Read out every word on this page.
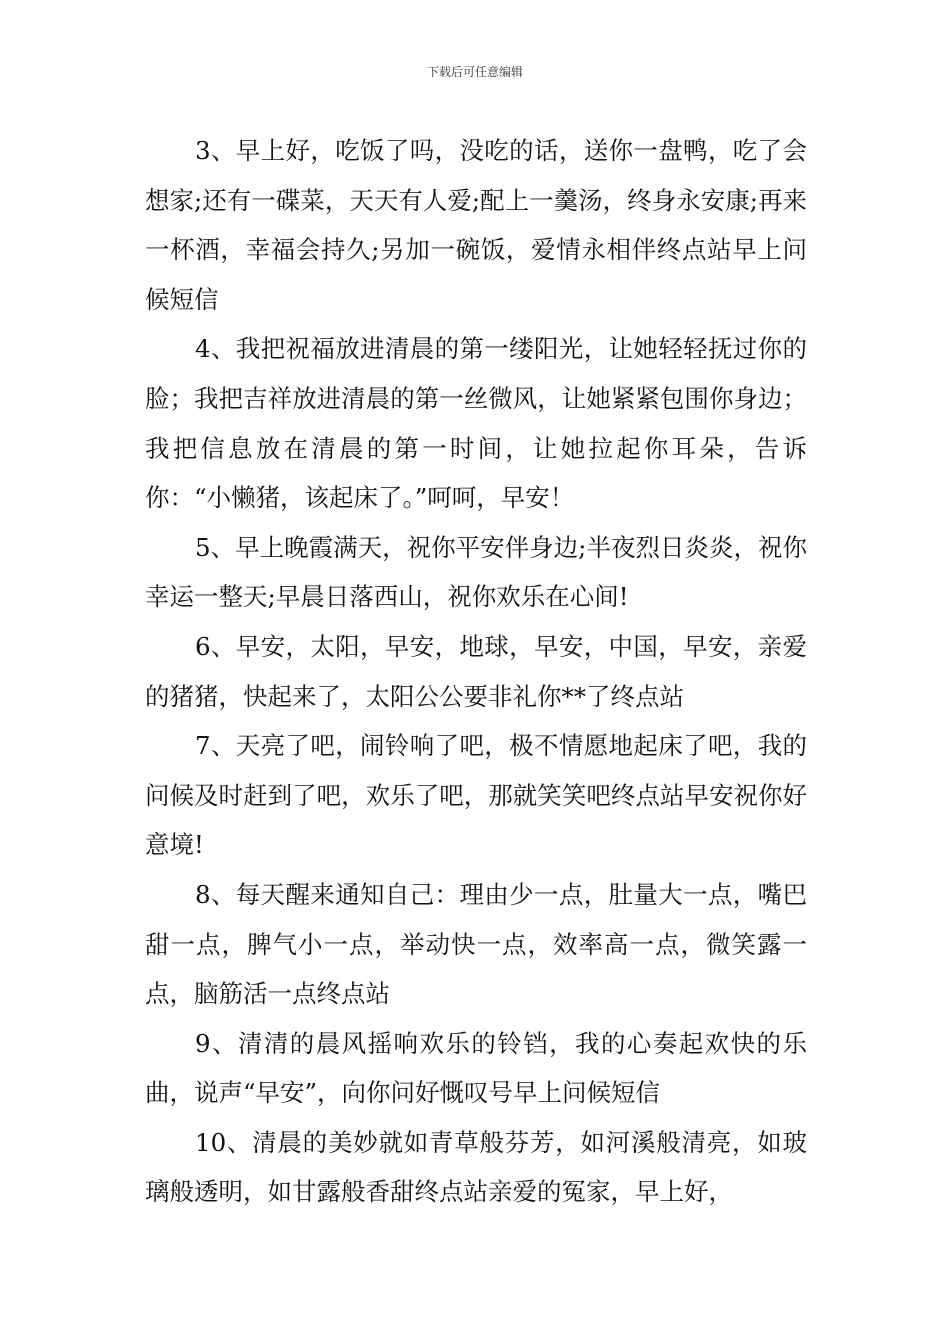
下载后可任意编辑

3、早上好，吃饭了吗，没吃的话，送你一盘鸭，吃了会想家;还有一碟菜，天天有人爱;配上一羹汤，终身永安康;再来一杯酒，幸福会持久;另加一碗饭，爱情永相伴终点站早上问候短信

4、我把祝福放进清晨的第一缕阳光，让她轻轻抚过你的脸；我把吉祥放进清晨的第一丝微风，让她紧紧包围你身边；我把信息放在清晨的第一时间，让她拉起你耳朵，告诉你：“小懒猪，该起床了。”呵呵，早安！

5、早上晚霞满天，祝你平安伴身边;半夜烈日炎炎，祝你幸运一整天;早晨日落西山，祝你欢乐在心间!

6、早安，太阳，早安，地球，早安，中国，早安，亲爱的猪猪，快起来了，太阳公公要非礼你**了终点站

7、天亮了吧，闹铃响了吧，极不情愿地起床了吧，我的问候及时赶到了吧，欢乐了吧，那就笑笑吧终点站早安祝你好意境!

8、每天醒来通知自己：理由少一点，肚量大一点，嘴巴甜一点，脾气小一点，举动快一点，效率高一点，微笑露一点，脑筋活一点终点站

9、清清的晨风摇响欢乐的铃铛，我的心奏起欢快的乐曲，说声“早安”，向你问好慨叹号早上问候短信

10、清晨的美妙就如青草般芬芳，如河溪般清亮，如玻璃般透明，如甘露般香甜终点站亲爱的冤家，早上好，
